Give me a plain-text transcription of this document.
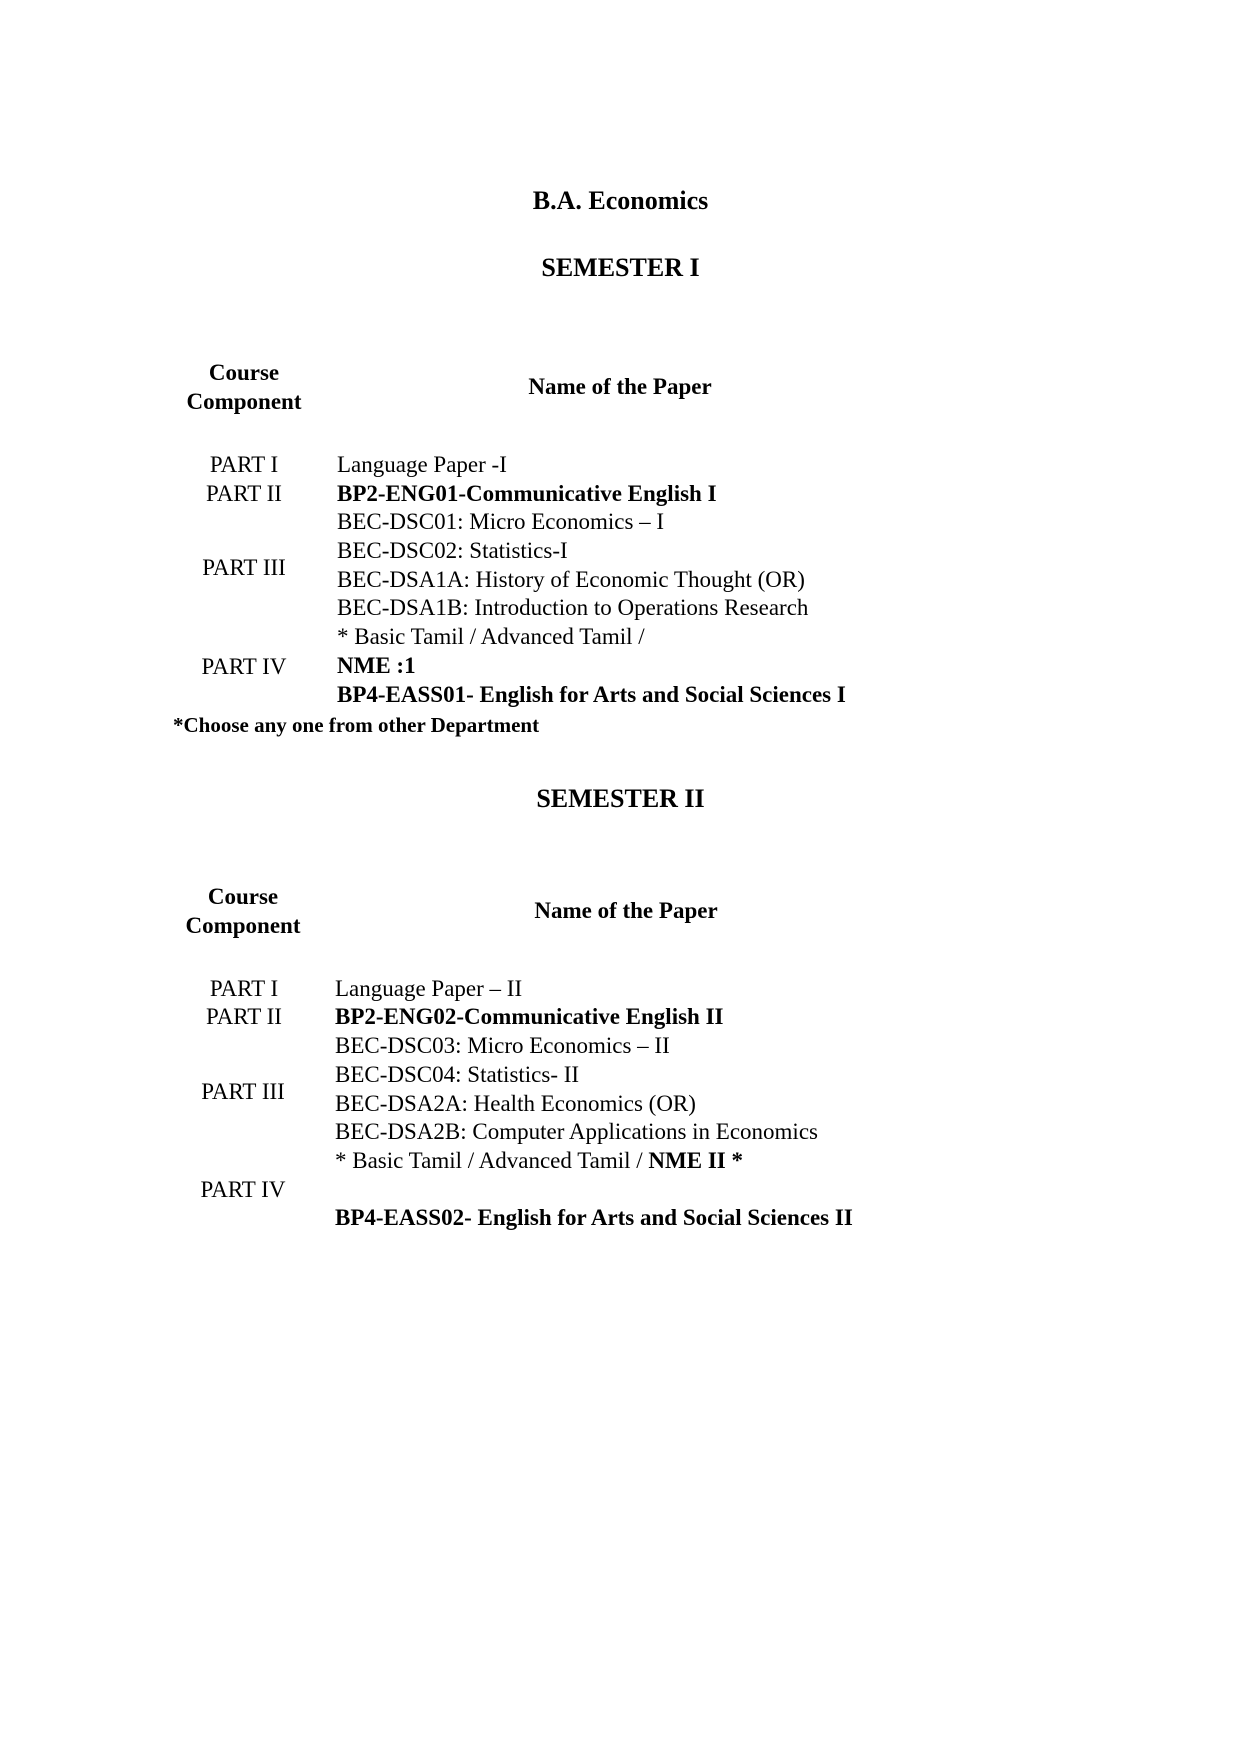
B.A. Economics
SEMESTER I
Course
Component
Name of the Paper
PART I
PART II
PART III
PART IV
Language Paper -I
BP2-ENG01-Communicative English I
BEC-DSC01: Micro Economics – I
BEC-DSC02: Statistics-I
BEC-DSA1A: History of Economic Thought (OR)
BEC-DSA1B: Introduction to Operations Research
* Basic Tamil / Advanced Tamil /
NME :1
BP4-EASS01- English for Arts and Social Sciences I
*Choose any one from other Department
SEMESTER II
Course
Component
Name of the Paper
PART I
PART II
PART III
PART IV
Language Paper – II
BP2-ENG02-Communicative English II
BEC-DSC03: Micro Economics – II
BEC-DSC04: Statistics- II
BEC-DSA2A: Health Economics (OR)
BEC-DSA2B: Computer Applications in Economics
* Basic Tamil / Advanced Tamil / NME II *
BP4-EASS02- English for Arts and Social Sciences II
